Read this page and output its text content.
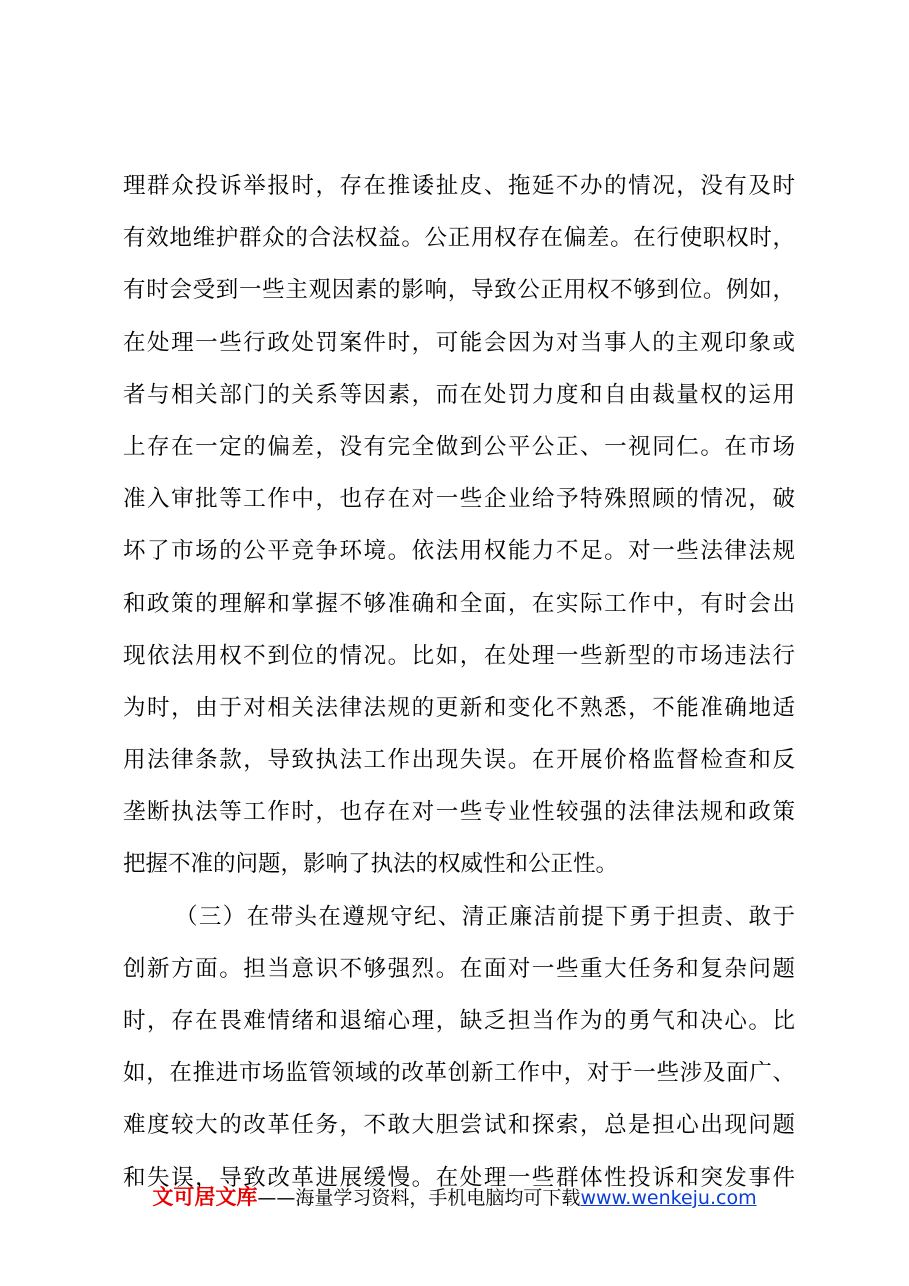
理群众投诉举报时，存在推诿扯皮、拖延不办的情况，没有及时
有效地维护群众的合法权益。公正用权存在偏差。在行使职权时，
有时会受到一些主观因素的影响，导致公正用权不够到位。例如，
在处理一些行政处罚案件时，可能会因为对当事人的主观印象或
者与相关部门的关系等因素，而在处罚力度和自由裁量权的运用
上存在一定的偏差，没有完全做到公平公正、一视同仁。在市场
准入审批等工作中，也存在对一些企业给予特殊照顾的情况，破
坏了市场的公平竞争环境。依法用权能力不足。对一些法律法规
和政策的理解和掌握不够准确和全面，在实际工作中，有时会出
现依法用权不到位的情况。比如，在处理一些新型的市场违法行
为时，由于对相关法律法规的更新和变化不熟悉，不能准确地适
用法律条款，导致执法工作出现失误。在开展价格监督检查和反
垄断执法等工作时，也存在对一些专业性较强的法律法规和政策
把握不准的问题，影响了执法的权威性和公正性。
（三）在带头在遵规守纪、清正廉洁前提下勇于担责、敢于
创新方面。担当意识不够强烈。在面对一些重大任务和复杂问题
时，存在畏难情绪和退缩心理，缺乏担当作为的勇气和决心。比
如，在推进市场监管领域的改革创新工作中，对于一些涉及面广、
难度较大的改革任务，不敢大胆尝试和探索，总是担心出现问题
和失误，导致改革进展缓慢。在处理一些群体性投诉和突发事件
文可居文库——海量学习资料，手机电脑均可下载www.wenkeju.com
